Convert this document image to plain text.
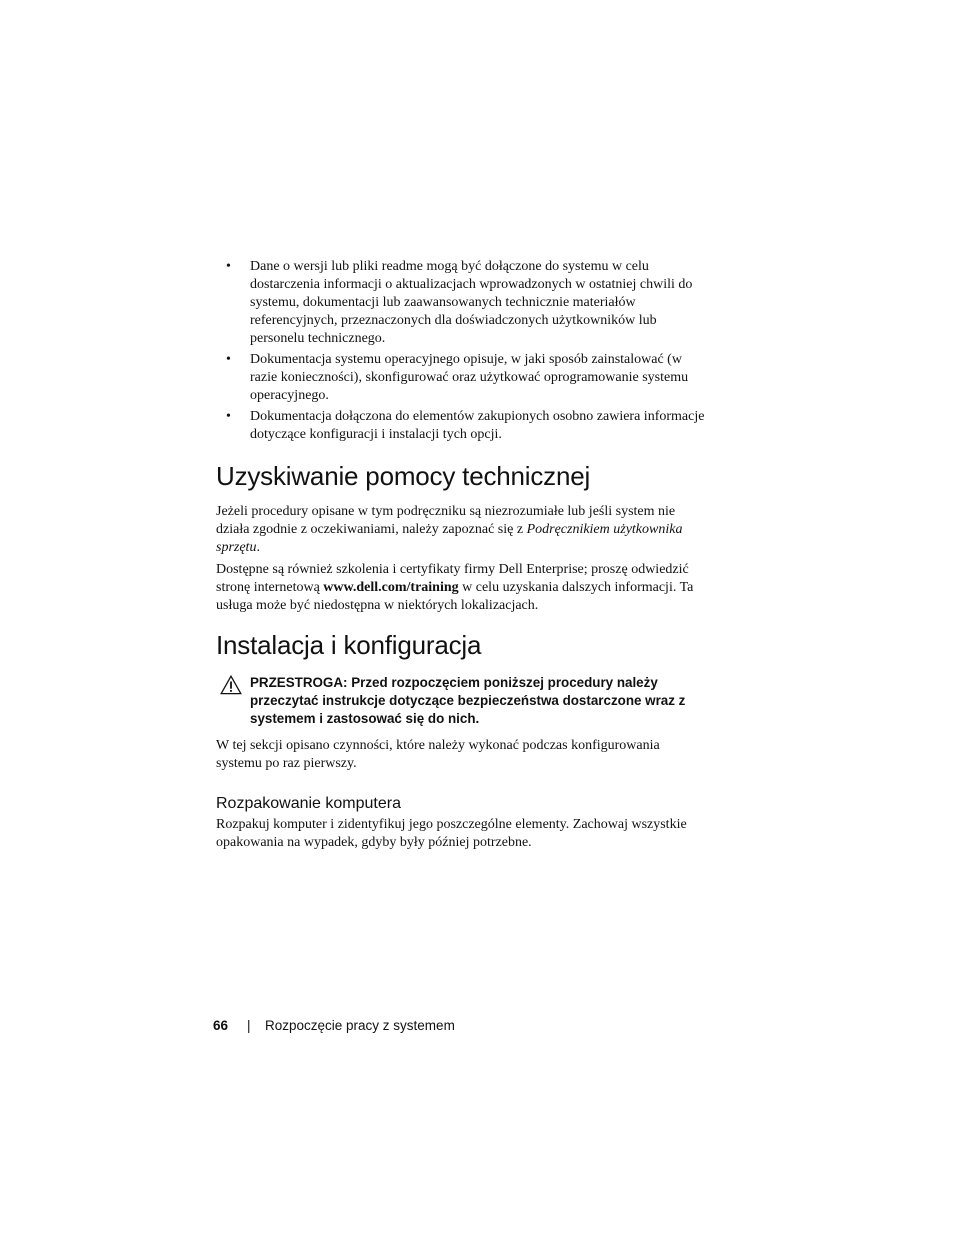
• Dane o wersji lub pliki readme mogą być dołączone do systemu w celu dostarczenia informacji o aktualizacjach wprowadzonych w ostatniej chwili do systemu, dokumentacji lub zaawansowanych technicznie materiałów referencyjnych, przeznaczonych dla doświadczonych użytkowników lub personelu technicznego.
• Dokumentacja systemu operacyjnego opisuje, w jaki sposób zainstalować (w razie konieczności), skonfigurować oraz użytkować oprogramowanie systemu operacyjnego.
• Dokumentacja dołączona do elementów zakupionych osobno zawiera informacje dotyczące konfiguracji i instalacji tych opcji.
Uzyskiwanie pomocy technicznej

Jeżeli procedury opisane w tym podręczniku są niezrozumiałe lub jeśli system nie działa zgodnie z oczekiwaniami, należy zapoznać się z Podręcznikiem użytkownika sprzętu.

Dostępne są również szkolenia i certyfikaty firmy Dell Enterprise; proszę odwiedzić stronę internetową www.dell.com/training w celu uzyskania dalszych informacji. Ta usługa może być niedostępna w niektórych lokalizacjach.

Instalacja i konfiguracja
PRZESTROGA: Przed rozpoczęciem poniższej procedury należy przeczytać instrukcje dotyczące bezpieczeństwa dostarczone wraz z systemem i zastosować się do nich.

W tej sekcji opisano czynności, które należy wykonać podczas konfigurowania systemu po raz pierwszy.

Rozpakowanie komputera

Rozpakuj komputer i zidentyfikuj jego poszczególne elementy. Zachowaj wszystkie opakowania na wypadek, gdyby były później potrzebne.

66 | Rozpoczęcie pracy z systemem
